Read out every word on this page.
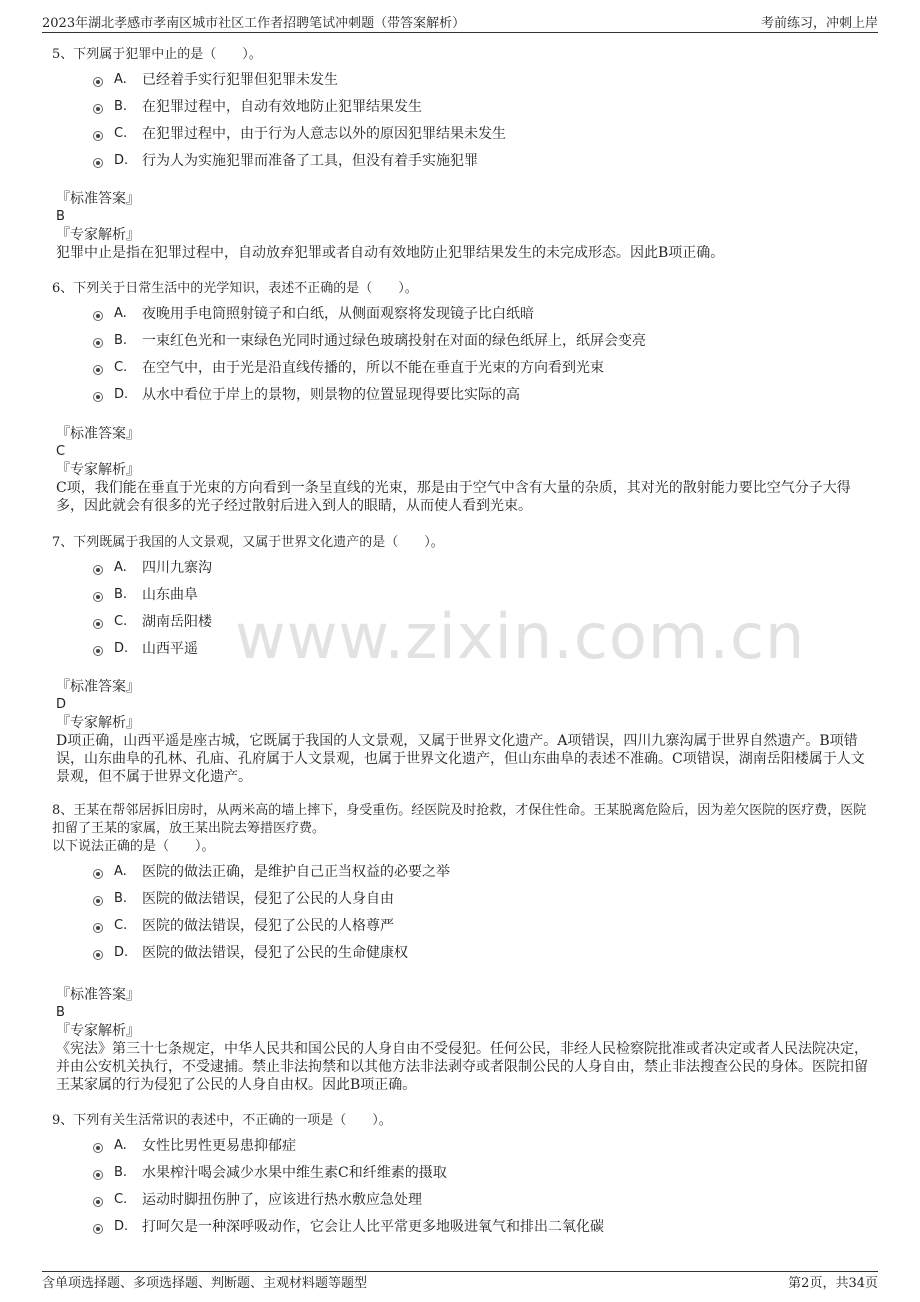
2023年湖北孝感市孝南区城市社区工作者招聘笔试冲刺题（带答案解析）	考前练习，冲刺上岸
www.zixin.com.cn

5、下列属于犯罪中止的是（　　）。

A. 已经着手实行犯罪但犯罪未发生
B. 在犯罪过程中，自动有效地防止犯罪结果发生
C. 在犯罪过程中，由于行为人意志以外的原因犯罪结果未发生
D. 行为人为实施犯罪而准备了工具，但没有着手实施犯罪

『标准答案』

B

『专家解析』

犯罪中止是指在犯罪过程中，自动放弃犯罪或者自动有效地防止犯罪结果发生的未完成形态。因此B项正确。

6、下列关于日常生活中的光学知识，表述不正确的是（　　）。

A. 夜晚用手电筒照射镜子和白纸，从侧面观察将发现镜子比白纸暗
B. 一束红色光和一束绿色光同时通过绿色玻璃投射在对面的绿色纸屏上，纸屏会变亮
C. 在空气中，由于光是沿直线传播的，所以不能在垂直于光束的方向看到光束
D. 从水中看位于岸上的景物，则景物的位置显现得要比实际的高

『标准答案』

C

『专家解析』

C项，我们能在垂直于光束的方向看到一条呈直线的光束，那是由于空气中含有大量的杂质，其对光的散射能力要比空气分子大得多，因此就会有很多的光子经过散射后进入到人的眼睛，从而使人看到光束。

7、下列既属于我国的人文景观，又属于世界文化遗产的是（　　）。

A. 四川九寨沟
B. 山东曲阜
C. 湖南岳阳楼
D. 山西平遥

『标准答案』

D

『专家解析』

D项正确，山西平遥是座古城，它既属于我国的人文景观，又属于世界文化遗产。A项错误，四川九寨沟属于世界自然遗产。B项错误，山东曲阜的孔林、孔庙、孔府属于人文景观，也属于世界文化遗产，但山东曲阜的表述不准确。C项错误，湖南岳阳楼属于人文景观，但不属于世界文化遗产。

8、王某在帮邻居拆旧房时，从两米高的墙上摔下，身受重伤。经医院及时抢救，才保住性命。王某脱离危险后，因为差欠医院的医疗费，医院扣留了王某的家属，放王某出院去筹措医疗费。

以下说法正确的是（　　）。

A. 医院的做法正确，是维护自己正当权益的必要之举
B. 医院的做法错误，侵犯了公民的人身自由
C. 医院的做法错误，侵犯了公民的人格尊严
D. 医院的做法错误，侵犯了公民的生命健康权

『标准答案』

B

『专家解析』

《宪法》第三十七条规定，中华人民共和国公民的人身自由不受侵犯。任何公民，非经人民检察院批准或者决定或者人民法院决定，并由公安机关执行，不受逮捕。禁止非法拘禁和以其他方法非法剥夺或者限制公民的人身自由，禁止非法搜查公民的身体。医院扣留王某家属的行为侵犯了公民的人身自由权。因此B项正确。

9、下列有关生活常识的表述中，不正确的一项是（　　）。

A. 女性比男性更易患抑郁症
B. 水果榨汁喝会减少水果中维生素C和纤维素的摄取
C. 运动时脚扭伤肿了，应该进行热水敷应急处理
D. 打呵欠是一种深呼吸动作，它会让人比平常更多地吸进氧气和排出二氧化碳
含单项选择题、多项选择题、判断题、主观材料题等题型	第2页，共34页
